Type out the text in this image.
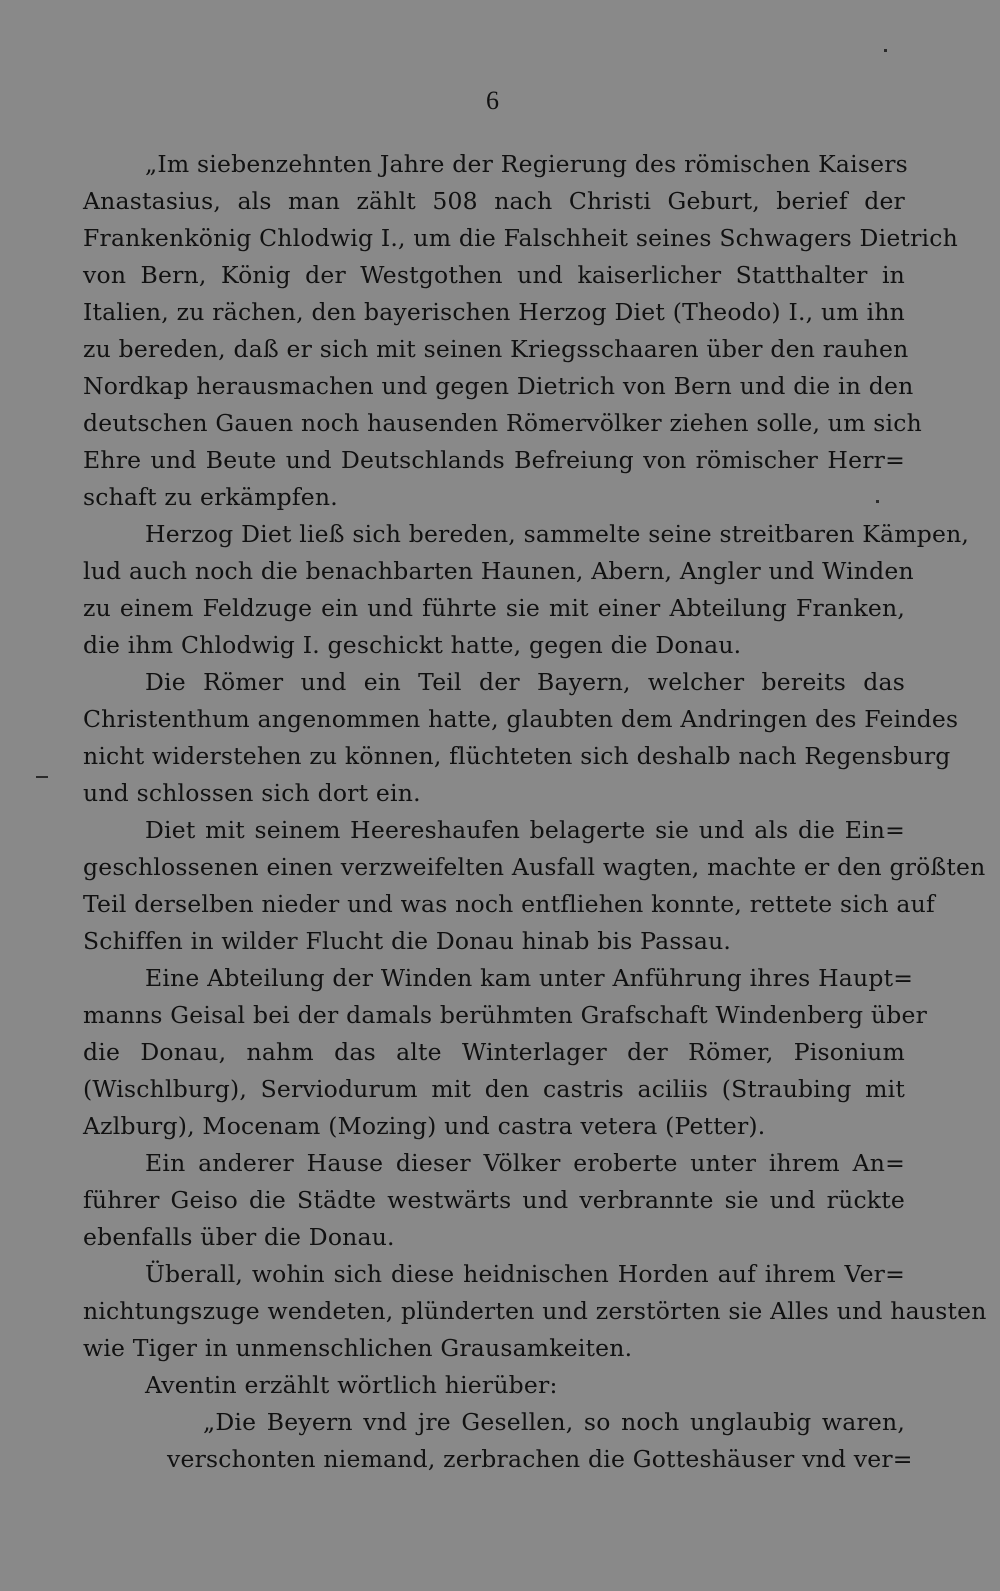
6
„Im siebenzehnten Jahre der Regierung des römischen Kaisers
Anastasius, als man zählt 508 nach Christi Geburt, berief der
Frankenkönig Chlodwig I., um die Falschheit seines Schwagers Dietrich
von Bern, König der Westgothen und kaiserlicher Statthalter in
Italien, zu rächen, den bayerischen Herzog Diet (Theodo) I., um ihn
zu bereden, daß er sich mit seinen Kriegsschaaren über den rauhen
Nordkap herausmachen und gegen Dietrich von Bern und die in den
deutschen Gauen noch hausenden Römervölker ziehen solle, um sich
Ehre und Beute und Deutschlands Befreiung von römischer Herr=
schaft zu erkämpfen.
Herzog Diet ließ sich bereden, sammelte seine streitbaren Kämpen,
lud auch noch die benachbarten Haunen, Abern, Angler und Winden
zu einem Feldzuge ein und führte sie mit einer Abteilung Franken,
die ihm Chlodwig I. geschickt hatte, gegen die Donau.
Die Römer und ein Teil der Bayern, welcher bereits das
Christenthum angenommen hatte, glaubten dem Andringen des Feindes
nicht widerstehen zu können, flüchteten sich deshalb nach Regensburg
und schlossen sich dort ein.
Diet mit seinem Heereshaufen belagerte sie und als die Ein=
geschlossenen einen verzweifelten Ausfall wagten, machte er den größten
Teil derselben nieder und was noch entfliehen konnte, rettete sich auf
Schiffen in wilder Flucht die Donau hinab bis Passau.
Eine Abteilung der Winden kam unter Anführung ihres Haupt=
manns Geisal bei der damals berühmten Grafschaft Windenberg über
die Donau, nahm das alte Winterlager der Römer, Pisonium
(Wischlburg), Serviodurum mit den castris aciliis (Straubing mit
Azlburg), Mocenam (Mozing) und castra vetera (Petter).
Ein anderer Hause dieser Völker eroberte unter ihrem An=
führer Geiso die Städte westwärts und verbrannte sie und rückte
ebenfalls über die Donau.
Überall, wohin sich diese heidnischen Horden auf ihrem Ver=
nichtungszuge wendeten, plünderten und zerstörten sie Alles und hausten
wie Tiger in unmenschlichen Grausamkeiten.
Aventin erzählt wörtlich hierüber:
„Die Beyern vnd jre Gesellen, so noch unglaubig waren,
verschonten niemand, zerbrachen die Gotteshäuser vnd ver=
